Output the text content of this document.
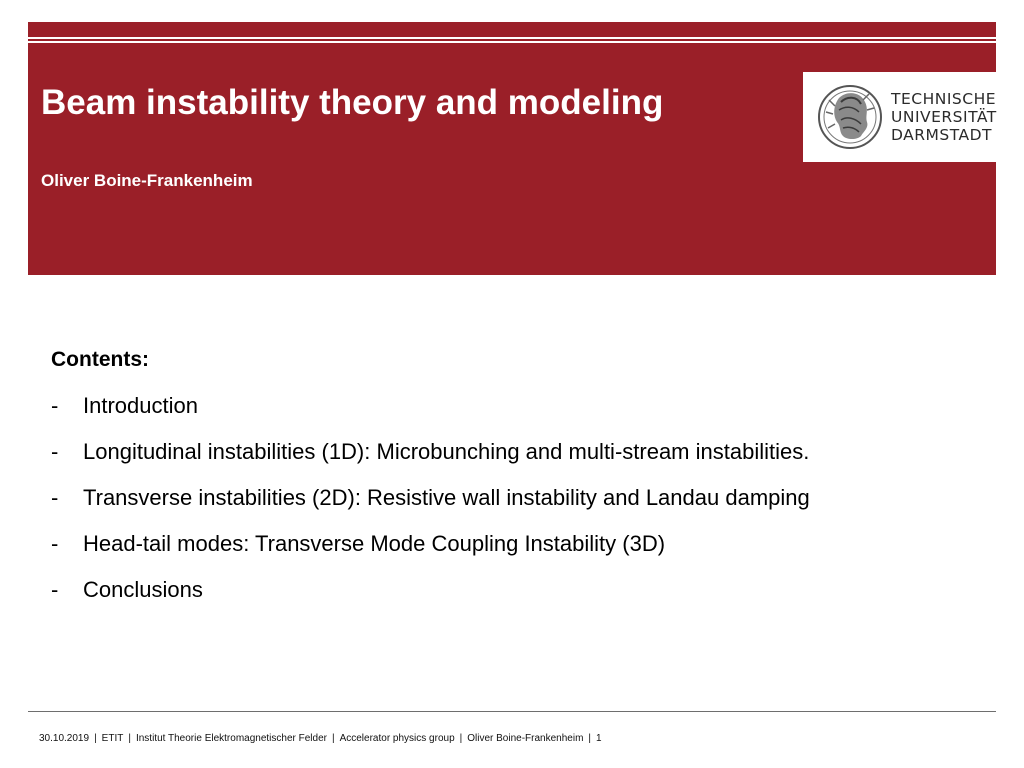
Beam instability theory and modeling
Oliver Boine-Frankenheim
TECHNISCHE
UNIVERSITÄT
DARMSTADT
Contents:
- Introduction
- Longitudinal instabilities (1D): Microbunching and multi-stream instabilities.
- Transverse instabilities (2D): Resistive wall instability and Landau damping
- Head-tail modes: Transverse Mode Coupling Instability (3D)
- Conclusions
30.10.2019 | ETIT | Institut Theorie Elektromagnetischer Felder | Accelerator physics group | Oliver Boine-Frankenheim | 1
